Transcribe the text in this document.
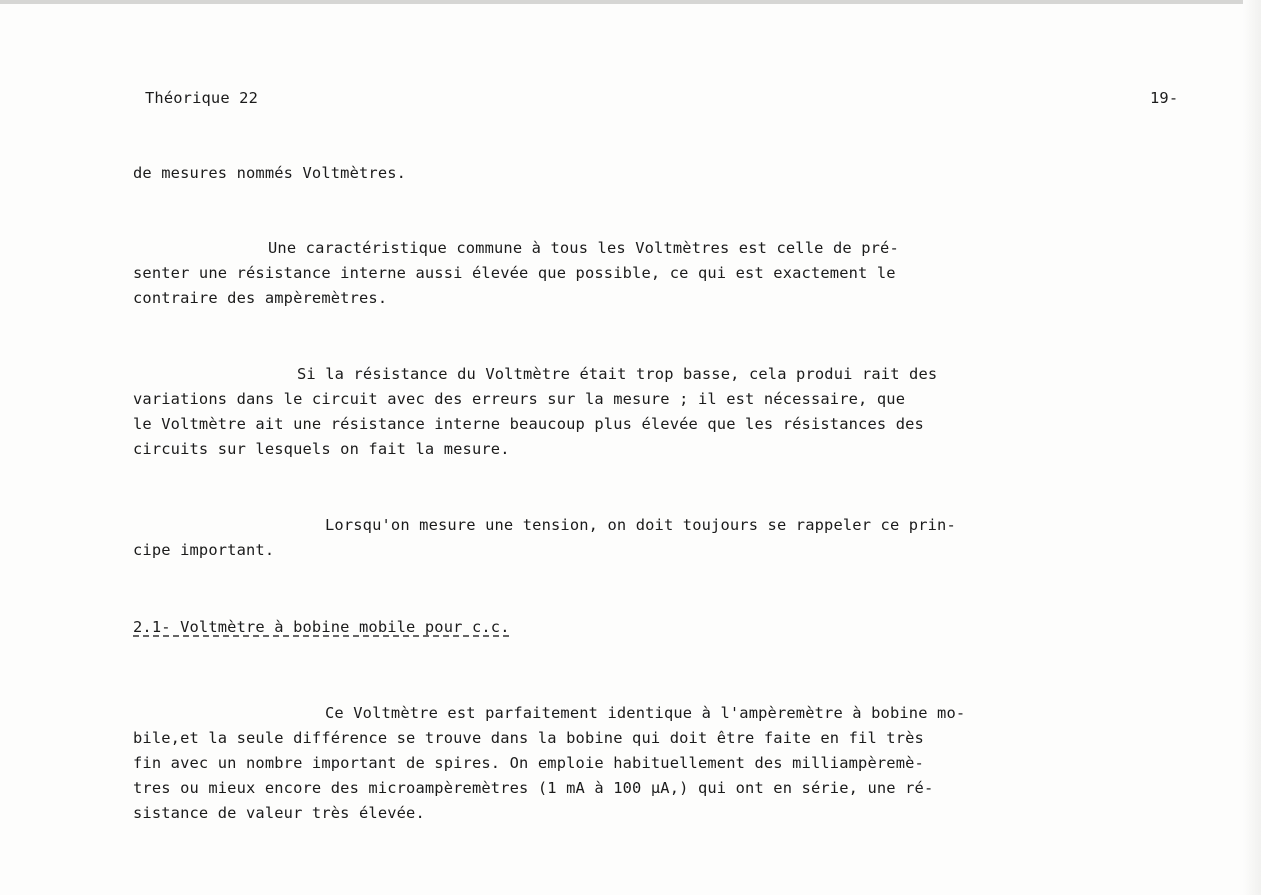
Théorique 22	19-
de mesures nommés Voltmètres.
Une caractéristique commune à tous les Voltmètres est celle de pré-
senter une résistance interne aussi élevée que possible, ce qui est exactement le
contraire des ampèremètres.
Si la résistance du Voltmètre était trop basse, cela produi rait des
variations dans le circuit avec des erreurs sur la mesure ; il est nécessaire, que
le Voltmètre ait une résistance interne beaucoup plus élevée que les résistances des
circuits sur lesquels on fait la mesure.
Lorsqu'on mesure une tension, on doit toujours se rappeler ce prin-
cipe important.
2.1- Voltmètre à bobine mobile pour c.c.
Ce Voltmètre est parfaitement identique à l'ampèremètre à bobine mo-
bile,et la seule différence se trouve dans la bobine qui doit être faite en fil très
fin avec un nombre important de spires. On emploie habituellement des milliampèremè-
tres ou mieux encore des microampèremètres (1 mA à 100 µA,) qui ont en série, une ré-
sistance de valeur très élevée.
